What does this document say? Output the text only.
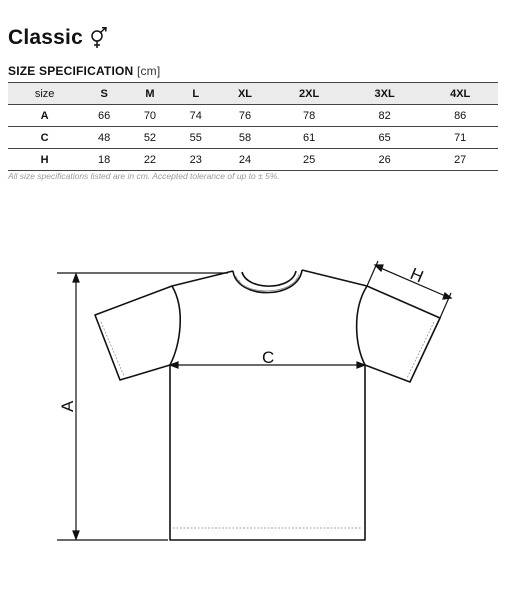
Classic
SIZE SPECIFICATION [cm]
size	S	M	L	XL	2XL	3XL	4XL
A	66	70	74	76	78	82	86
C	48	52	55	58	61	65	71
H	18	22	23	24	25	26	27
All size specifications listed are in cm. Accepted tolerance of up to ± 5%.
C
A
H
